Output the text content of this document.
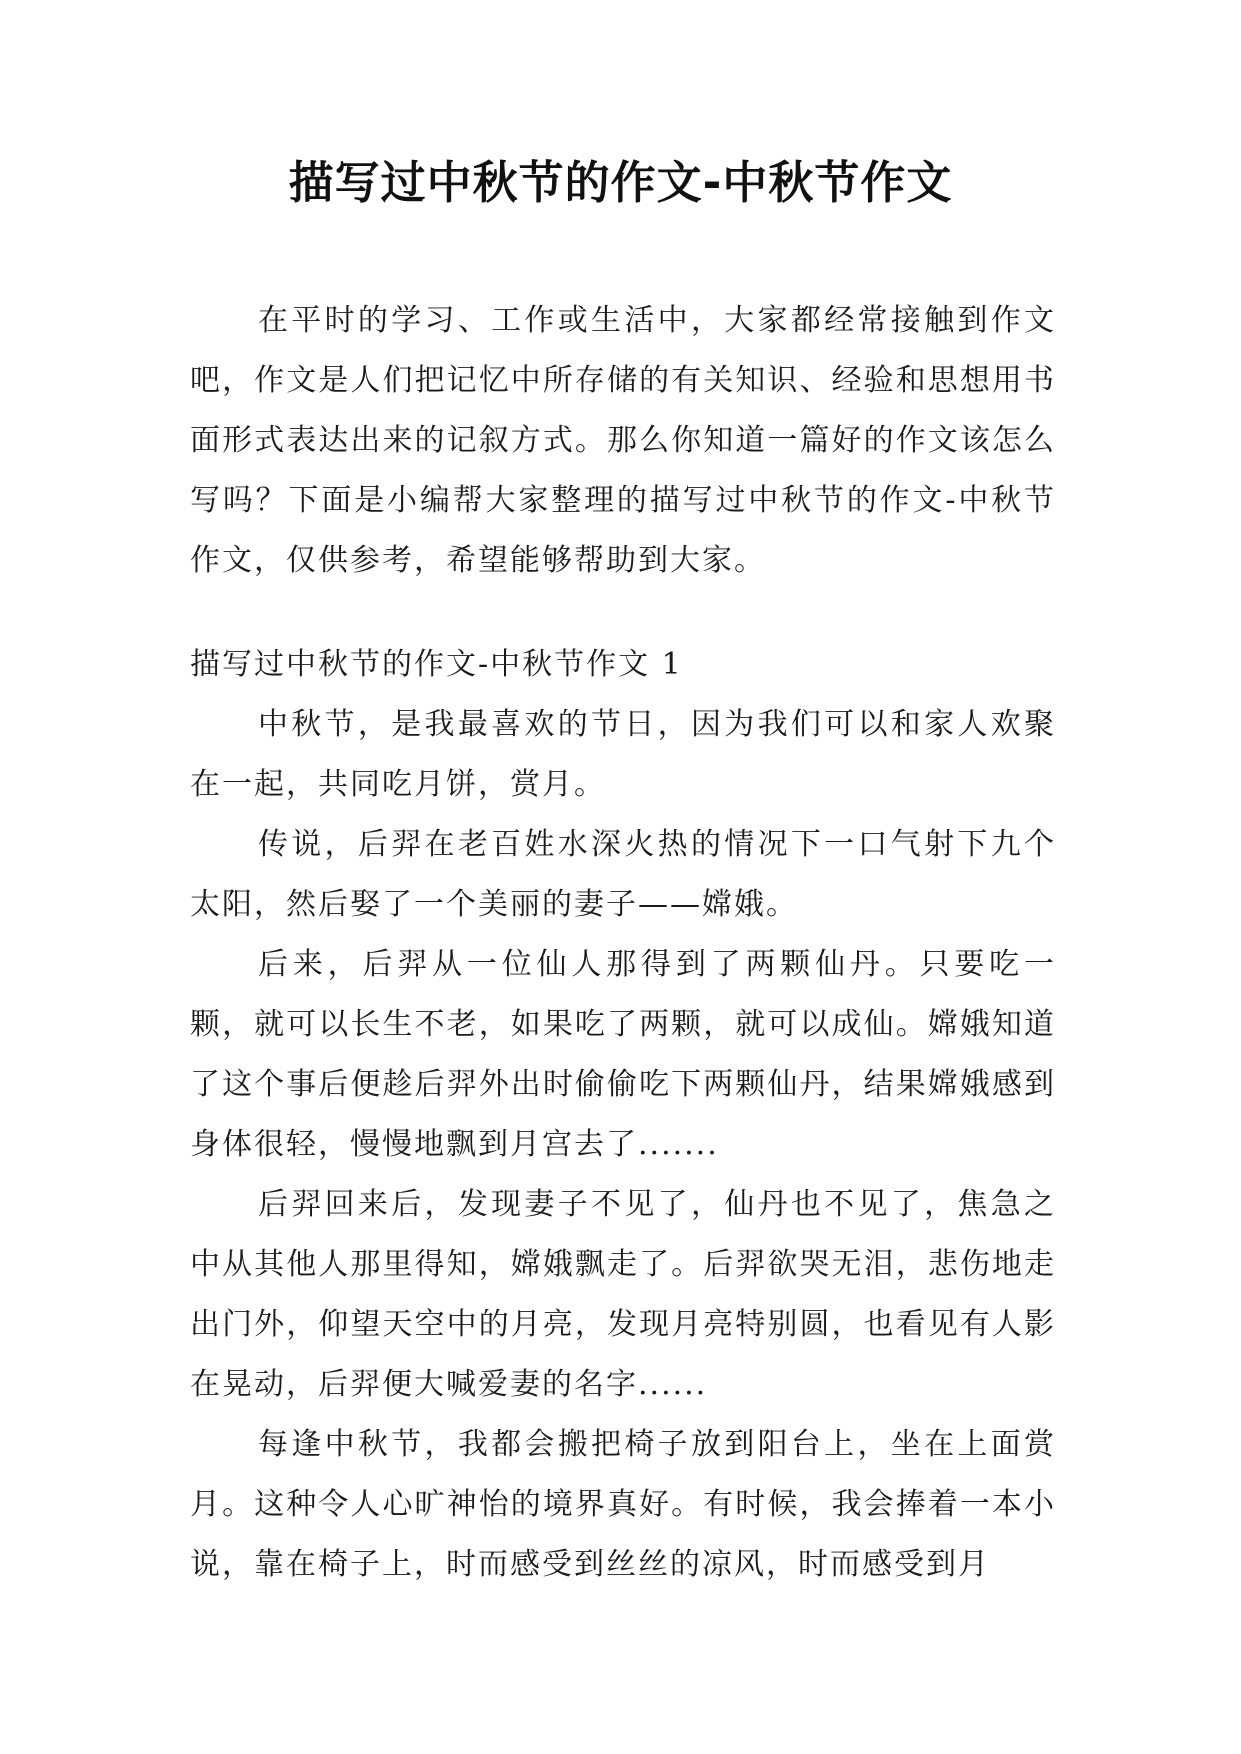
描写过中秋节的作文-中秋节作文

在平时的学习、工作或生活中，大家都经常接触到作文吧，作文是人们把记忆中所存储的有关知识、经验和思想用书面形式表达出来的记叙方式。那么你知道一篇好的作文该怎么写吗？下面是小编帮大家整理的描写过中秋节的作文-中秋节作文，仅供参考，希望能够帮助到大家。

描写过中秋节的作文-中秋节作文 1

中秋节，是我最喜欢的节日，因为我们可以和家人欢聚在一起，共同吃月饼，赏月。

传说，后羿在老百姓水深火热的情况下一口气射下九个太阳，然后娶了一个美丽的妻子——嫦娥。

后来，后羿从一位仙人那得到了两颗仙丹。只要吃一颗，就可以长生不老，如果吃了两颗，就可以成仙。嫦娥知道了这个事后便趁后羿外出时偷偷吃下两颗仙丹，结果嫦娥感到身体很轻，慢慢地飘到月宫去了.......

后羿回来后，发现妻子不见了，仙丹也不见了，焦急之中从其他人那里得知，嫦娥飘走了。后羿欲哭无泪，悲伤地走出门外，仰望天空中的月亮，发现月亮特别圆，也看见有人影在晃动，后羿便大喊爱妻的名字......

每逢中秋节，我都会搬把椅子放到阳台上，坐在上面赏月。这种令人心旷神怡的境界真好。有时候，我会捧着一本小说，靠在椅子上，时而感受到丝丝的凉风，时而感受到月
